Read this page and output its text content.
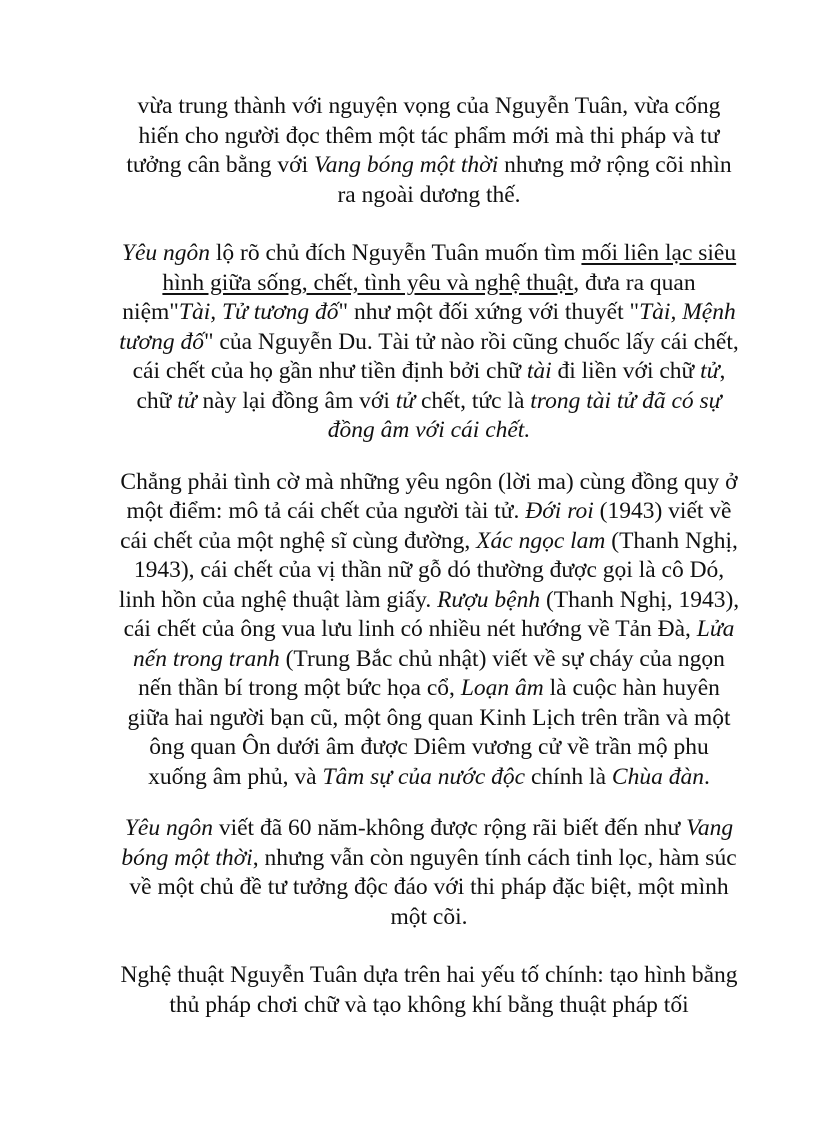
vừa trung thành với nguyện vọng của Nguyễn Tuân, vừa cống hiến cho người đọc thêm một tác phẩm mới mà thi pháp và tư tưởng cân bằng với Vang bóng một thời nhưng mở rộng cõi nhìn ra ngoài dương thế.

Yêu ngôn lộ rõ chủ đích Nguyễn Tuân muốn tìm mối liên lạc siêu hình giữa sống, chết, tình yêu và nghệ thuật, đưa ra quan niệm"Tài, Tử tương đố" như một đối xứng với thuyết "Tài, Mệnh tương đố" của Nguyễn Du. Tài tử nào rồi cũng chuốc lấy cái chết, cái chết của họ gần như tiền định bởi chữ tài đi liền với chữ tử, chữ tử này lại đồng âm với tử chết, tức là trong tài tử đã có sự đồng âm với cái chết.

Chẳng phải tình cờ mà những yêu ngôn (lời ma) cùng đồng quy ở một điểm: mô tả cái chết của người tài tử. Đới roi (1943) viết về cái chết của một nghệ sĩ cùng đường, Xác ngọc lam (Thanh Nghị, 1943), cái chết của vị thần nữ gỗ dó thường được gọi là cô Dó, linh hồn của nghệ thuật làm giấy. Rượu bệnh (Thanh Nghị, 1943), cái chết của ông vua lưu linh có nhiều nét hướng về Tản Đà, Lửa nến trong tranh (Trung Bắc chủ nhật) viết về sự cháy của ngọn nến thần bí trong một bức họa cổ, Loạn âm là cuộc hàn huyên giữa hai người bạn cũ, một ông quan Kinh Lịch trên trần và một ông quan Ôn dưới âm được Diêm vương cử về trần mộ phu xuống âm phủ, và Tâm sự của nước độc chính là Chùa đàn.

Yêu ngôn viết đã 60 năm-không được rộng rãi biết đến như Vang bóng một thời, nhưng vẫn còn nguyên tính cách tinh lọc, hàm súc về một chủ đề tư tưởng độc đáo với thi pháp đặc biệt, một mình một cõi.

Nghệ thuật Nguyễn Tuân dựa trên hai yếu tố chính: tạo hình bằng thủ pháp chơi chữ và tạo không khí bằng thuật pháp tối
